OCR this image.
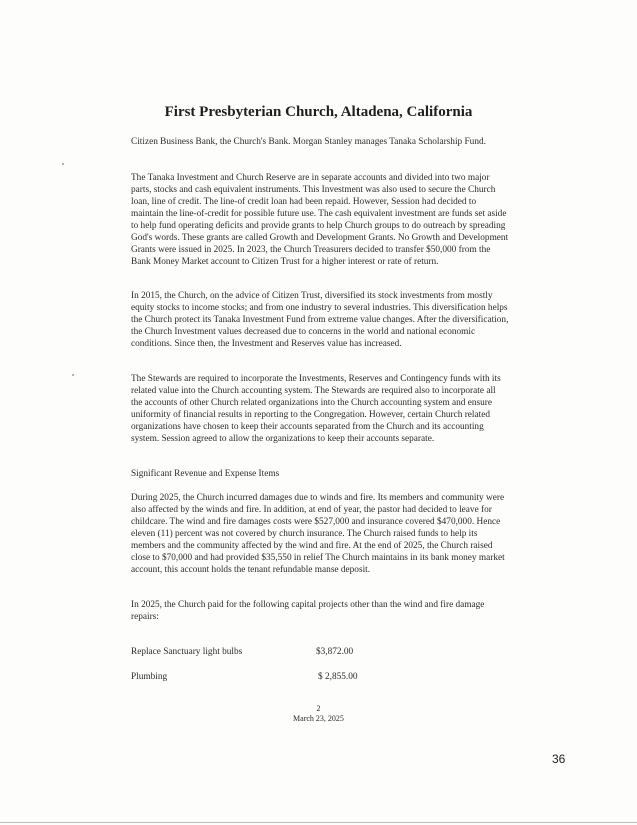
First Presbyterian Church, Altadena, California
Citizen Business Bank, the Church's Bank. Morgan Stanley manages Tanaka Scholarship Fund.
The Tanaka Investment and Church Reserve are in separate accounts and divided into two major parts, stocks and cash equivalent instruments. This Investment was also used to secure the Church loan, line of credit. The line-of credit loan had been repaid. However, Session had decided to maintain the line-of-credit for possible future use. The cash equivalent investment are funds set aside to help fund operating deficits and provide grants to help Church groups to do outreach by spreading God's words. These grants are called Growth and Development Grants. No Growth and Development Grants were issued in 2025. In 2023, the Church Treasurers decided to transfer $50,000 from the Bank Money Market account to Citizen Trust for a higher interest or rate of return.
In 2015, the Church, on the advice of Citizen Trust, diversified its stock investments from mostly equity stocks to income stocks; and from one industry to several industries. This diversification helps the Church protect its Tanaka Investment Fund from extreme value changes. After the diversification, the Church Investment values decreased due to concerns in the world and national economic conditions. Since then, the Investment and Reserves value has increased.
The Stewards are required to incorporate the Investments, Reserves and Contingency funds with its related value into the Church accounting system. The Stewards are required also to incorporate all the accounts of other Church related organizations into the Church accounting system and ensure uniformity of financial results in reporting to the Congregation. However, certain Church related organizations have chosen to keep their accounts separated from the Church and its accounting system. Session agreed to allow the organizations to keep their accounts separate.
Significant Revenue and Expense Items
During 2025, the Church incurred damages due to winds and fire. Its members and community were also affected by the winds and fire. In addition, at end of year, the pastor had decided to leave for childcare. The wind and fire damages costs were $527,000 and insurance covered $470,000. Hence eleven (11) percent was not covered by church insurance. The Church raised funds to help its members and the community affected by the wind and fire. At the end of 2025, the Church raised close to $70,000 and had provided $35,550 in relief The Church maintains in its bank money market account, this account holds the tenant refundable manse deposit.
In 2025, the Church paid for the following capital projects other than the wind and fire damage repairs:
Replace Sanctuary light bulbs	$3,872.00
Plumbing	$ 2,855.00
2
March 23, 2025
36
